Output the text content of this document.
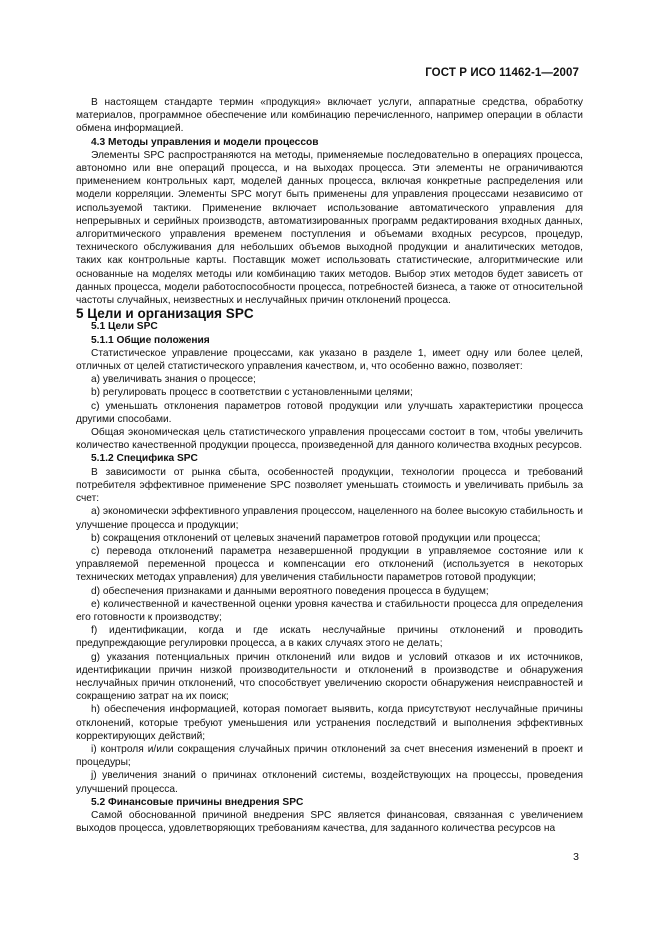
ГОСТ Р ИСО 11462-1—2007

В настоящем стандарте термин «продукция» включает услуги, аппаратные средства, обработку материалов, программное обеспечение или комбинацию перечисленного, например операции в области обмена информацией.

4.3 Методы управления и модели процессов

Элементы SPC распространяются на методы, применяемые последовательно в операциях процесса, автономно или вне операций процесса, и на выходах процесса. Эти элементы не ограничиваются применением контрольных карт, моделей данных процесса, включая конкретные распределения или модели корреляции. Элементы SPC могут быть применены для управления процессами независимо от используемой тактики. Применение включает использование автоматического управления для непрерывных и серийных производств, автоматизированных программ редактирования входных данных, алгоритмического управления временем поступления и объемами входных ресурсов, процедур, технического обслуживания для небольших объемов выходной продукции и аналитических методов, таких как контрольные карты. Поставщик может использовать статистические, алгоритмические или основанные на моделях методы или комбинацию таких методов. Выбор этих методов будет зависеть от данных процесса, модели работоспособности процесса, потребностей бизнеса, а также от относительной частоты случайных, неизвестных и неслучайных причин отклонений процесса.

5 Цели и организация SPC

5.1 Цели SPC

5.1.1 Общие положения

Статистическое управление процессами, как указано в разделе 1, имеет одну или более целей, отличных от целей статистического управления качеством, и, что особенно важно, позволяет:

а) увеличивать знания о процессе;

b) регулировать процесс в соответствии с установленными целями;

с) уменьшать отклонения параметров готовой продукции или улучшать характеристики процесса другими способами.

Общая экономическая цель статистического управления процессами состоит в том, чтобы увеличить количество качественной продукции процесса, произведенной для данного количества входных ресурсов.

5.1.2 Специфика SPC

В зависимости от рынка сбыта, особенностей продукции, технологии процесса и требований потребителя эффективное применение SPC позволяет уменьшать стоимость и увеличивать прибыль за счет:

а) экономически эффективного управления процессом, нацеленного на более высокую стабильность и улучшение процесса и продукции;

b) сокращения отклонений от целевых значений параметров готовой продукции или процесса;

с) перевода отклонений параметра незавершенной продукции в управляемое состояние или к управляемой переменной процесса и компенсации его отклонений (используется в некоторых технических методах управления) для увеличения стабильности параметров готовой продукции;

d) обеспечения признаками и данными вероятного поведения процесса в будущем;

е) количественной и качественной оценки уровня качества и стабильности процесса для определения его готовности к производству;

f) идентификации, когда и где искать неслучайные причины отклонений и проводить предупреждающие регулировки процесса, а в каких случаях этого не делать;

g) указания потенциальных причин отклонений или видов и условий отказов и их источников, идентификации причин низкой производительности и отклонений в производстве и обнаружения неслучайных причин отклонений, что способствует увеличению скорости обнаружения неисправностей и сокращению затрат на их поиск;

h) обеспечения информацией, которая помогает выявить, когда присутствуют неслучайные причины отклонений, которые требуют уменьшения или устранения последствий и выполнения эффективных корректирующих действий;

i) контроля и/или сокращения случайных причин отклонений за счет внесения изменений в проект и процедуры;

j) увеличения знаний о причинах отклонений системы, воздействующих на процессы, проведения улучшений процесса.

5.2 Финансовые причины внедрения SPC

Самой обоснованной причиной внедрения SPC является финансовая, связанная с увеличением выходов процесса, удовлетворяющих требованиям качества, для заданного количества ресурсов на

3
